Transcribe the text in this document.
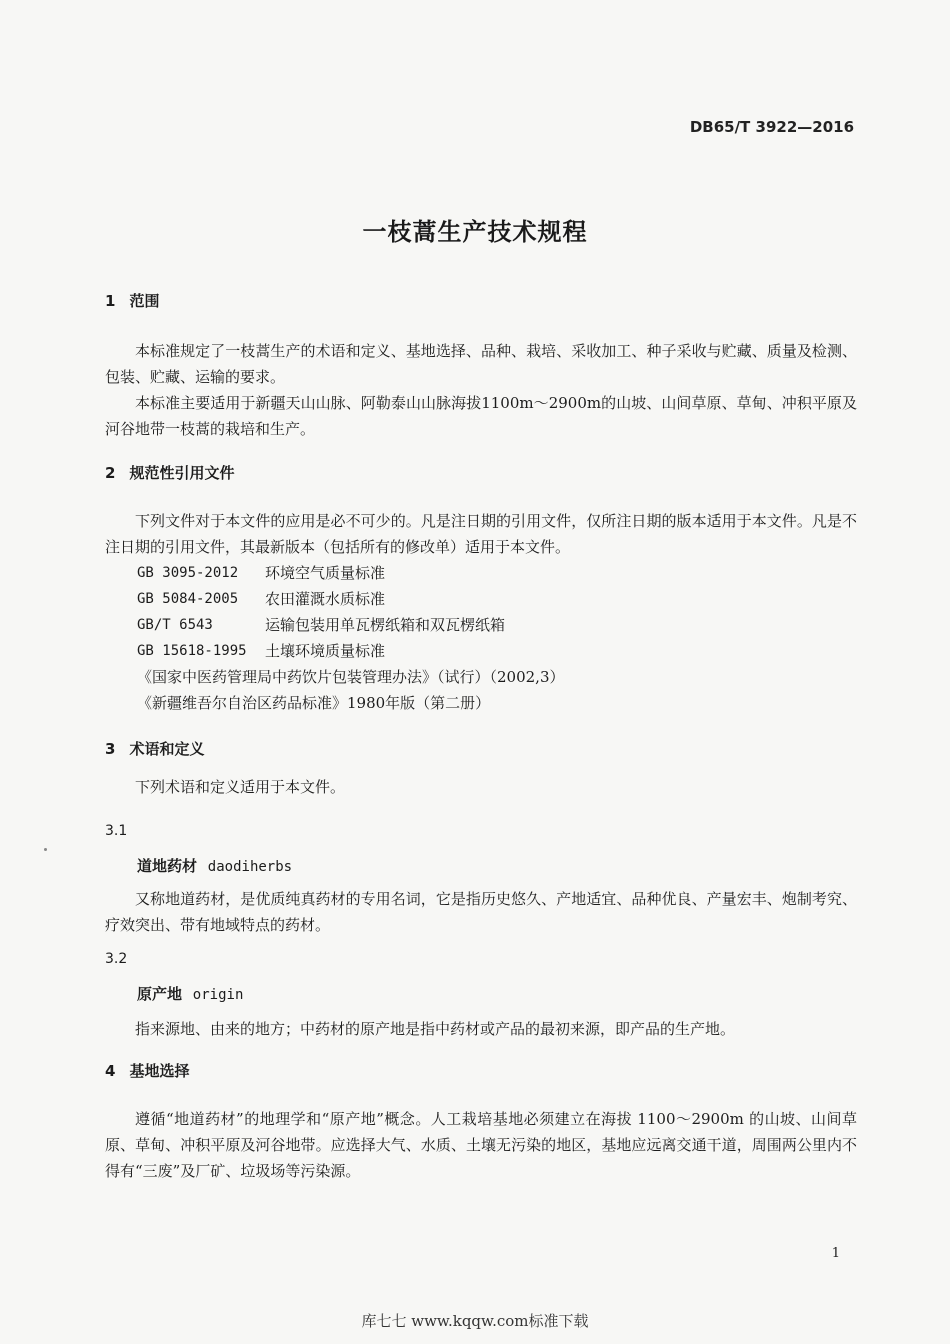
DB65/T 3922—2016
一枝蒿生产技术规程
1 范围

本标准规定了一枝蒿生产的术语和定义、基地选择、品种、栽培、采收加工、种子采收与贮藏、质量及检测、包装、贮藏、运输的要求。

本标准主要适用于新疆天山山脉、阿勒泰山山脉海拔1100m～2900m的山坡、山间草原、草甸、冲积平原及河谷地带一枝蒿的栽培和生产。

2 规范性引用文件

下列文件对于本文件的应用是必不可少的。凡是注日期的引用文件，仅所注日期的版本适用于本文件。凡是不注日期的引用文件，其最新版本（包括所有的修改单）适用于本文件。

GB 3095-2012	环境空气质量标准
GB 5084-2005	农田灌溉水质标准
GB/T 6543	运输包装用单瓦楞纸箱和双瓦楞纸箱
GB 15618-1995	土壤环境质量标准
《国家中医药管理局中药饮片包装管理办法》（试行）（2002,3）
《新疆维吾尔自治区药品标准》1980年版（第二册）
3 术语和定义

下列术语和定义适用于本文件。

3.1
道地药材 daodiherbs

又称地道药材，是优质纯真药材的专用名词，它是指历史悠久、产地适宜、品种优良、产量宏丰、炮制考究、疗效突出、带有地域特点的药材。

3.2
原产地 origin

指来源地、由来的地方；中药材的原产地是指中药材或产品的最初来源，即产品的生产地。

4 基地选择

遵循“地道药材”的地理学和“原产地”概念。人工栽培基地必须建立在海拔 1100～2900m 的山坡、山间草原、草甸、冲积平原及河谷地带。应选择大气、水质、土壤无污染的地区，基地应远离交通干道，周围两公里内不得有“三废”及厂矿、垃圾场等污染源。

1
库七七 www.kqqw.com标准下载
